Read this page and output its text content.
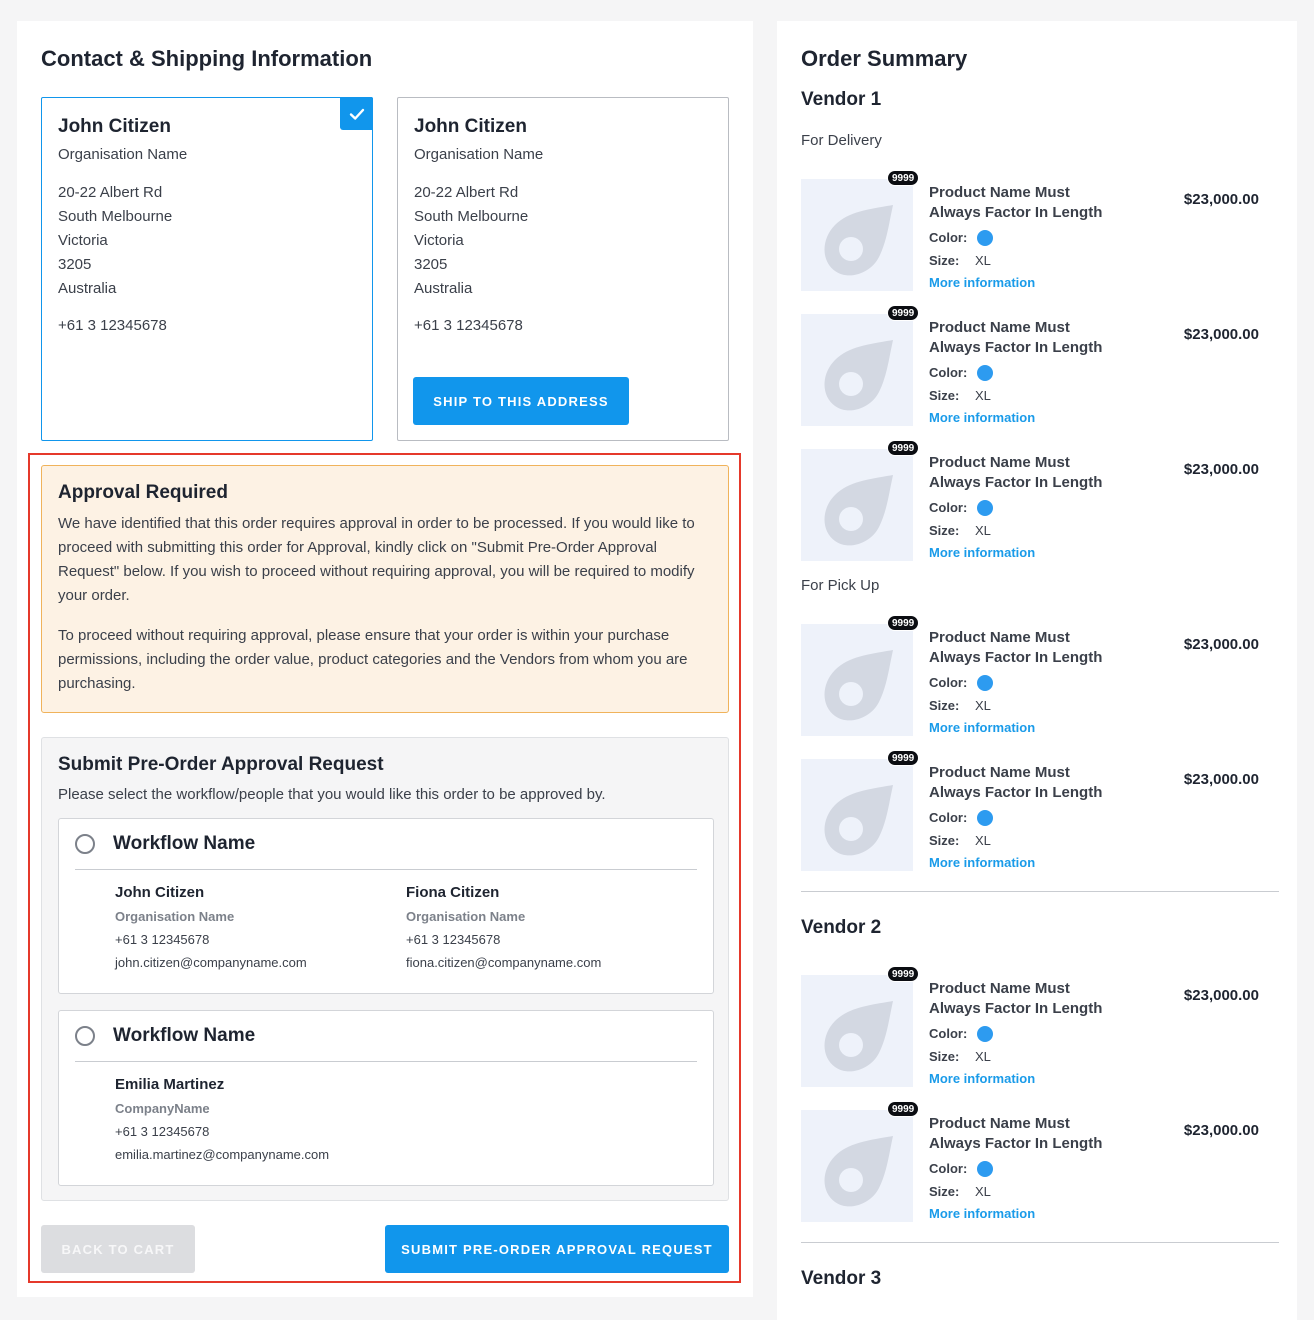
Contact & Shipping Information
John Citizen
Organisation Name
20-22 Albert Rd
South Melbourne
Victoria
3205
Australia
+61 3 12345678
John Citizen
Organisation Name
20-22 Albert Rd
South Melbourne
Victoria
3205
Australia
+61 3 12345678
SHIP TO THIS ADDRESS
Approval Required

We have identified that this order requires approval in order to be processed. If you would like to proceed with submitting this order for Approval, kindly click on "Submit Pre-Order Approval Request" below. If you wish to proceed without requiring approval, you will be required to modify your order.

To proceed without requiring approval, please ensure that your order is within your purchase permissions, including the order value, product categories and the Vendors from whom you are purchasing.

Submit Pre-Order Approval Request
Please select the workflow/people that you would like this order to be approved by.
Workflow Name
John Citizen
Organisation Name
+61 3 12345678
john.citizen@companyname.com
Fiona Citizen
Organisation Name
+61 3 12345678
fiona.citizen@companyname.com
Workflow Name
Emilia Martinez
CompanyName
+61 3 12345678
emilia.martinez@companyname.com
BACK TO CART	SUBMIT PRE-ORDER APPROVAL REQUEST
Order Summary
Vendor 1
For Delivery
For Pick Up
Vendor 2
Vendor 3
9999
Product Name Must Always Factor In Length
Color:
Size:	XL
More information
$23,000.00
9999
Product Name Must Always Factor In Length
Color:
Size:	XL
More information
$23,000.00
9999
Product Name Must Always Factor In Length
Color:
Size:	XL
More information
$23,000.00
9999
Product Name Must Always Factor In Length
Color:
Size:	XL
More information
$23,000.00
9999
Product Name Must Always Factor In Length
Color:
Size:	XL
More information
$23,000.00
9999
Product Name Must Always Factor In Length
Color:
Size:	XL
More information
$23,000.00
9999
Product Name Must Always Factor In Length
Color:
Size:	XL
More information
$23,000.00
